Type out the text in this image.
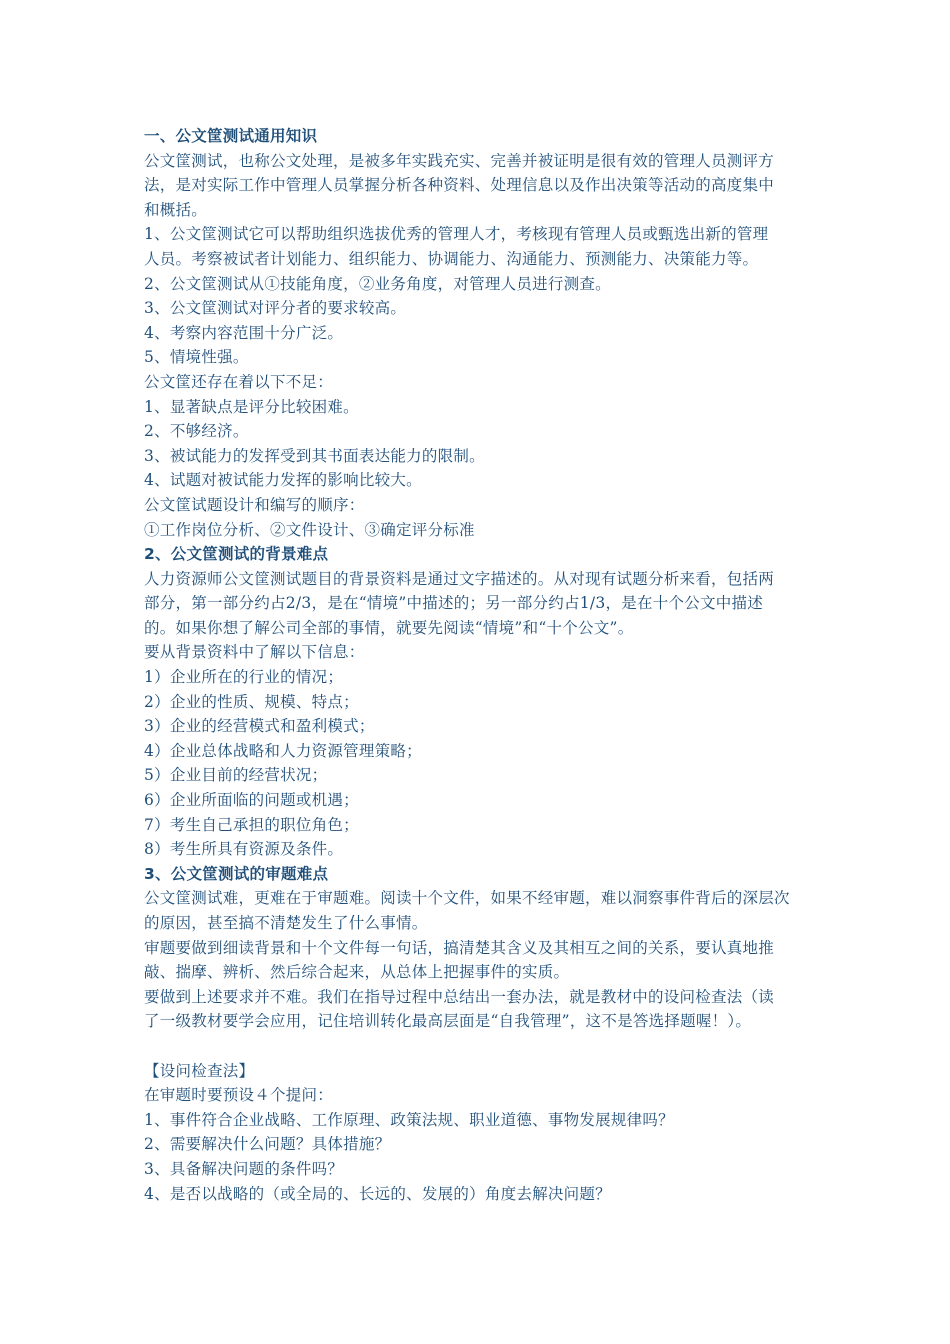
一、公文筐测试通用知识
公文筐测试，也称公文处理，是被多年实践充实、完善并被证明是很有效的管理人员测评方
法，是对实际工作中管理人员掌握分析各种资料、处理信息以及作出决策等活动的高度集中
和概括。
1、公文筐测试它可以帮助组织选拔优秀的管理人才，考核现有管理人员或甄选出新的管理
人员。考察被试者计划能力、组织能力、协调能力、沟通能力、预测能力、决策能力等。
2、公文筐测试从①技能角度，②业务角度，对管理人员进行测查。
3、公文筐测试对评分者的要求较高。
4、考察内容范围十分广泛。
5、情境性强。
公文筐还存在着以下不足：
1、显著缺点是评分比较困难。
2、不够经济。
3、被试能力的发挥受到其书面表达能力的限制。
4、试题对被试能力发挥的影响比较大。
公文筐试题设计和编写的顺序：
①工作岗位分析、②文件设计、③确定评分标准
2、公文筐测试的背景难点
人力资源师公文筐测试题目的背景资料是通过文字描述的。从对现有试题分析来看，包括两
部分，第一部分约占2/3，是在“情境”中描述的；另一部分约占1/3，是在十个公文中描述
的。如果你想了解公司全部的事情，就要先阅读“情境”和“十个公文”。
要从背景资料中了解以下信息：
1）企业所在的行业的情况；
2）企业的性质、规模、特点；
3）企业的经营模式和盈利模式；
4）企业总体战略和人力资源管理策略；
5）企业目前的经营状况；
6）企业所面临的问题或机遇；
7）考生自己承担的职位角色；
8）考生所具有资源及条件。
3、公文筐测试的审题难点
公文筐测试难，更难在于审题难。阅读十个文件，如果不经审题，难以洞察事件背后的深层次
的原因，甚至搞不清楚发生了什么事情。
审题要做到细读背景和十个文件每一句话，搞清楚其含义及其相互之间的关系，要认真地推
敲、揣摩、辨析、然后综合起来，从总体上把握事件的实质。
要做到上述要求并不难。我们在指导过程中总结出一套办法，就是教材中的设问检查法（读
了一级教材要学会应用，记住培训转化最高层面是“自我管理”，这不是答选择题喔！）。
【设问检查法】
在审题时要预设４个提问：
1、事件符合企业战略、工作原理、政策法规、职业道德、事物发展规律吗？
2、需要解决什么问题？具体措施？
3、具备解决问题的条件吗？
4、是否以战略的（或全局的、长远的、发展的）角度去解决问题？
